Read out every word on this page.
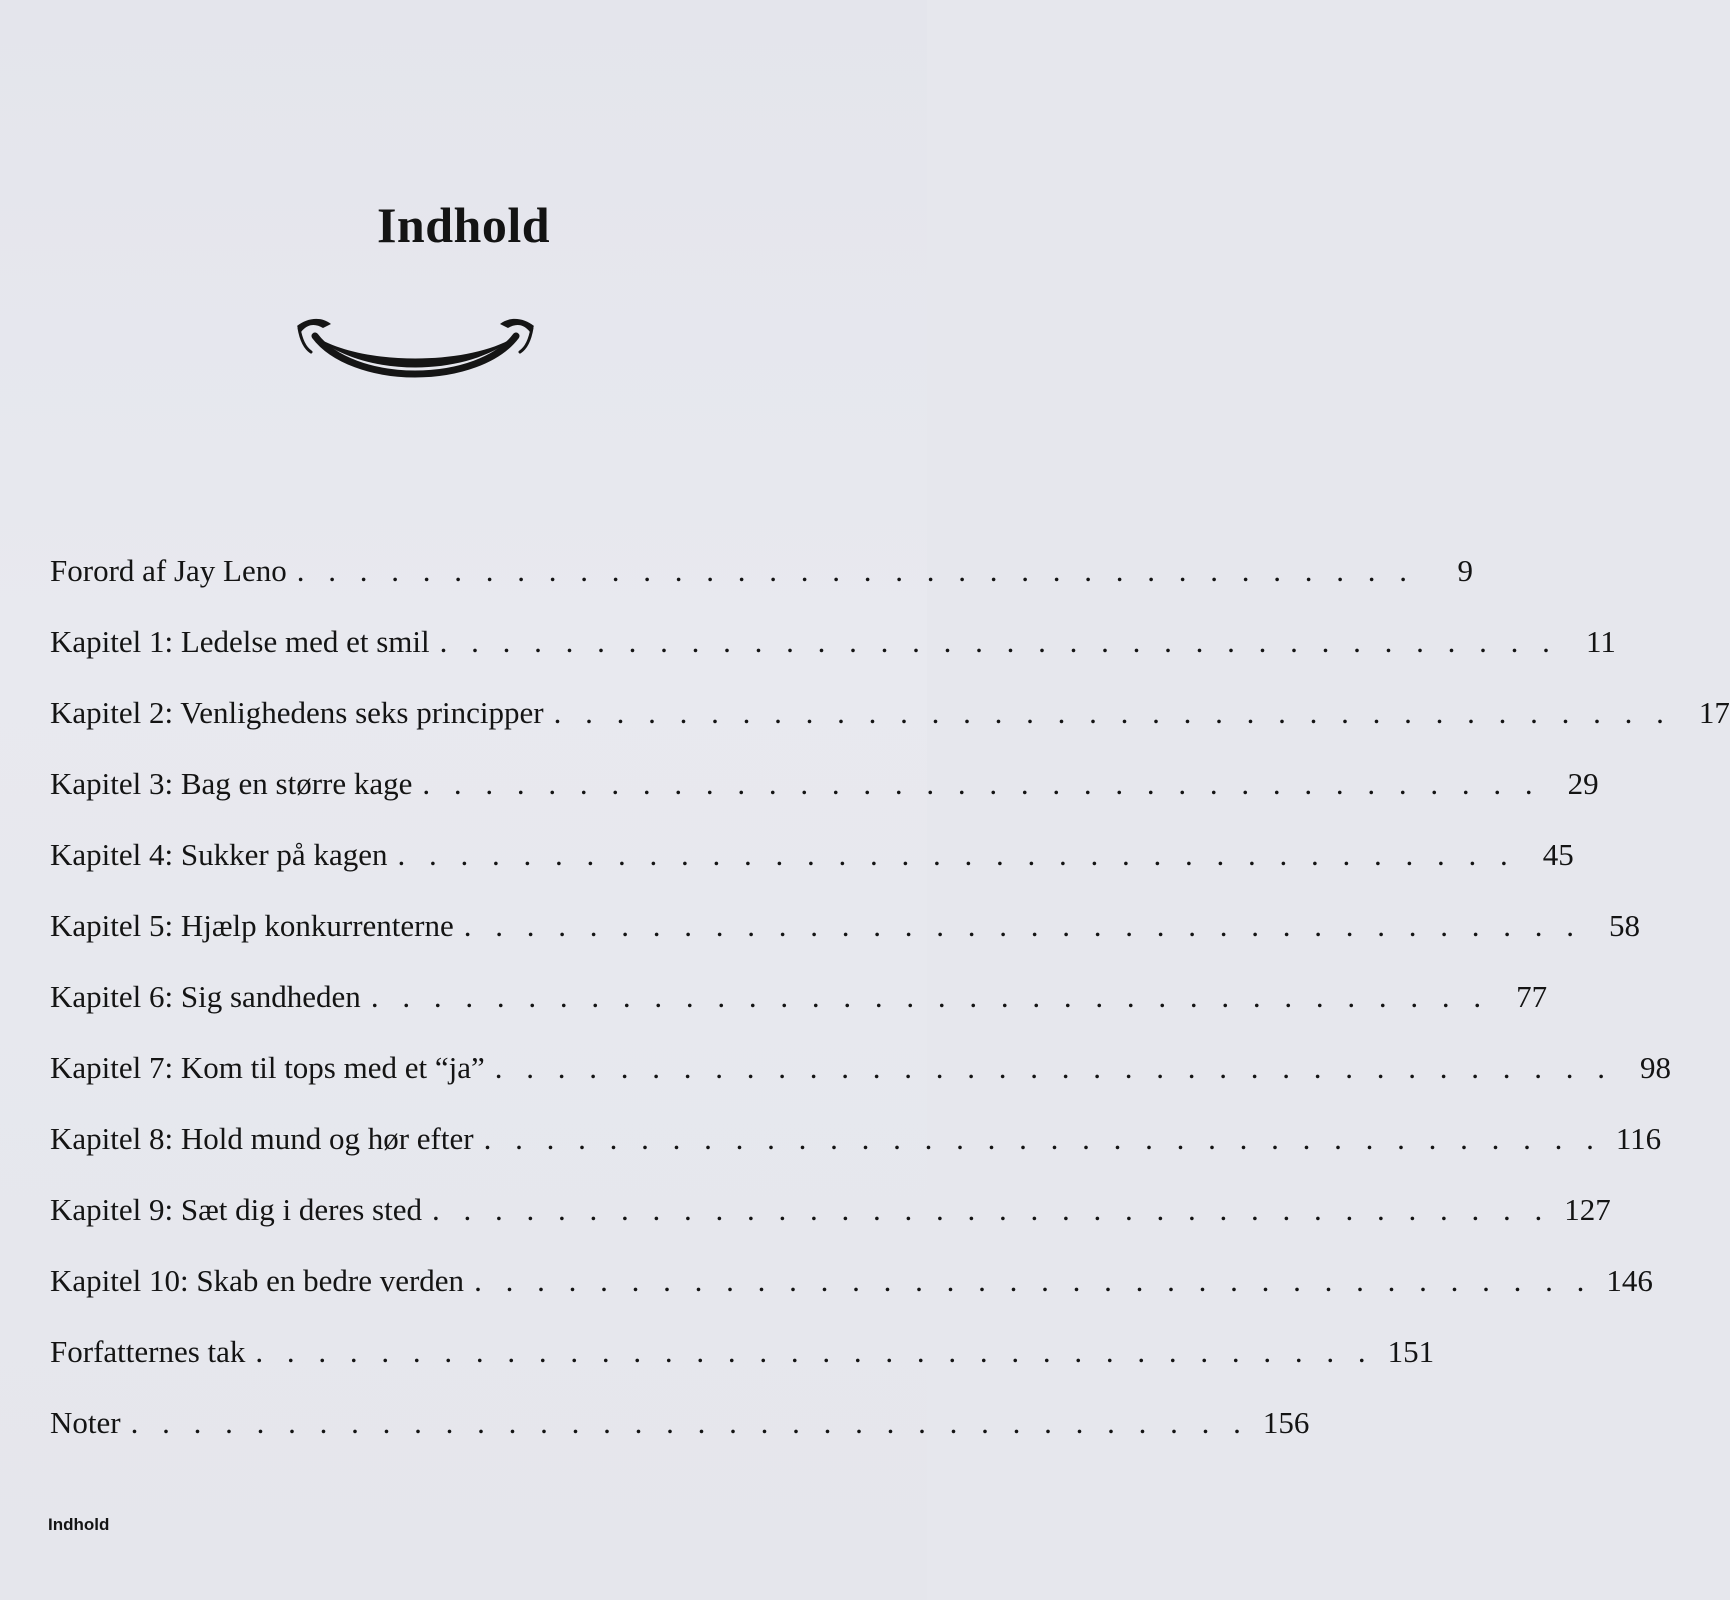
Indhold
Forord af Jay Leno . . . . . . . . . . . . . . . . . . . . . . . . . . . . . . . . . . . .	9
Kapitel 1: Ledelse med et smil . . . . . . . . . . . . . . . . . . . . . . . . . . . . . . . . . . . . 11
Kapitel 2: Venlighedens seks principper . . . . . . . . . . . . . . . . . . . . . . . . . . . . . . . . . . . . 17
Kapitel 3: Bag en større kage . . . . . . . . . . . . . . . . . . . . . . . . . . . . . . . . . . . . 29
Kapitel 4: Sukker på kagen . . . . . . . . . . . . . . . . . . . . . . . . . . . . . . . . . . . . 45
Kapitel 5: Hjælp konkurrenterne . . . . . . . . . . . . . . . . . . . . . . . . . . . . . . . . . . . . 58
Kapitel 6: Sig sandheden . . . . . . . . . . . . . . . . . . . . . . . . . . . . . . . . . . . . 77
Kapitel 7: Kom til tops med et “ja” . . . . . . . . . . . . . . . . . . . . . . . . . . . . . . . . . . . . 98
Kapitel 8: Hold mund og hør efter . . . . . . . . . . . . . . . . . . . . . . . . . . . . . . . . . . . . 116
Kapitel 9: Sæt dig i deres sted . . . . . . . . . . . . . . . . . . . . . . . . . . . . . . . . . . . . 127
Kapitel 10: Skab en bedre verden . . . . . . . . . . . . . . . . . . . . . . . . . . . . . . . . . . . . 146
Forfatternes tak . . . . . . . . . . . . . . . . . . . . . . . . . . . . . . . . . . . . 151
Noter . . . . . . . . . . . . . . . . . . . . . . . . . . . . . . . . . . . . 156
Indhold
